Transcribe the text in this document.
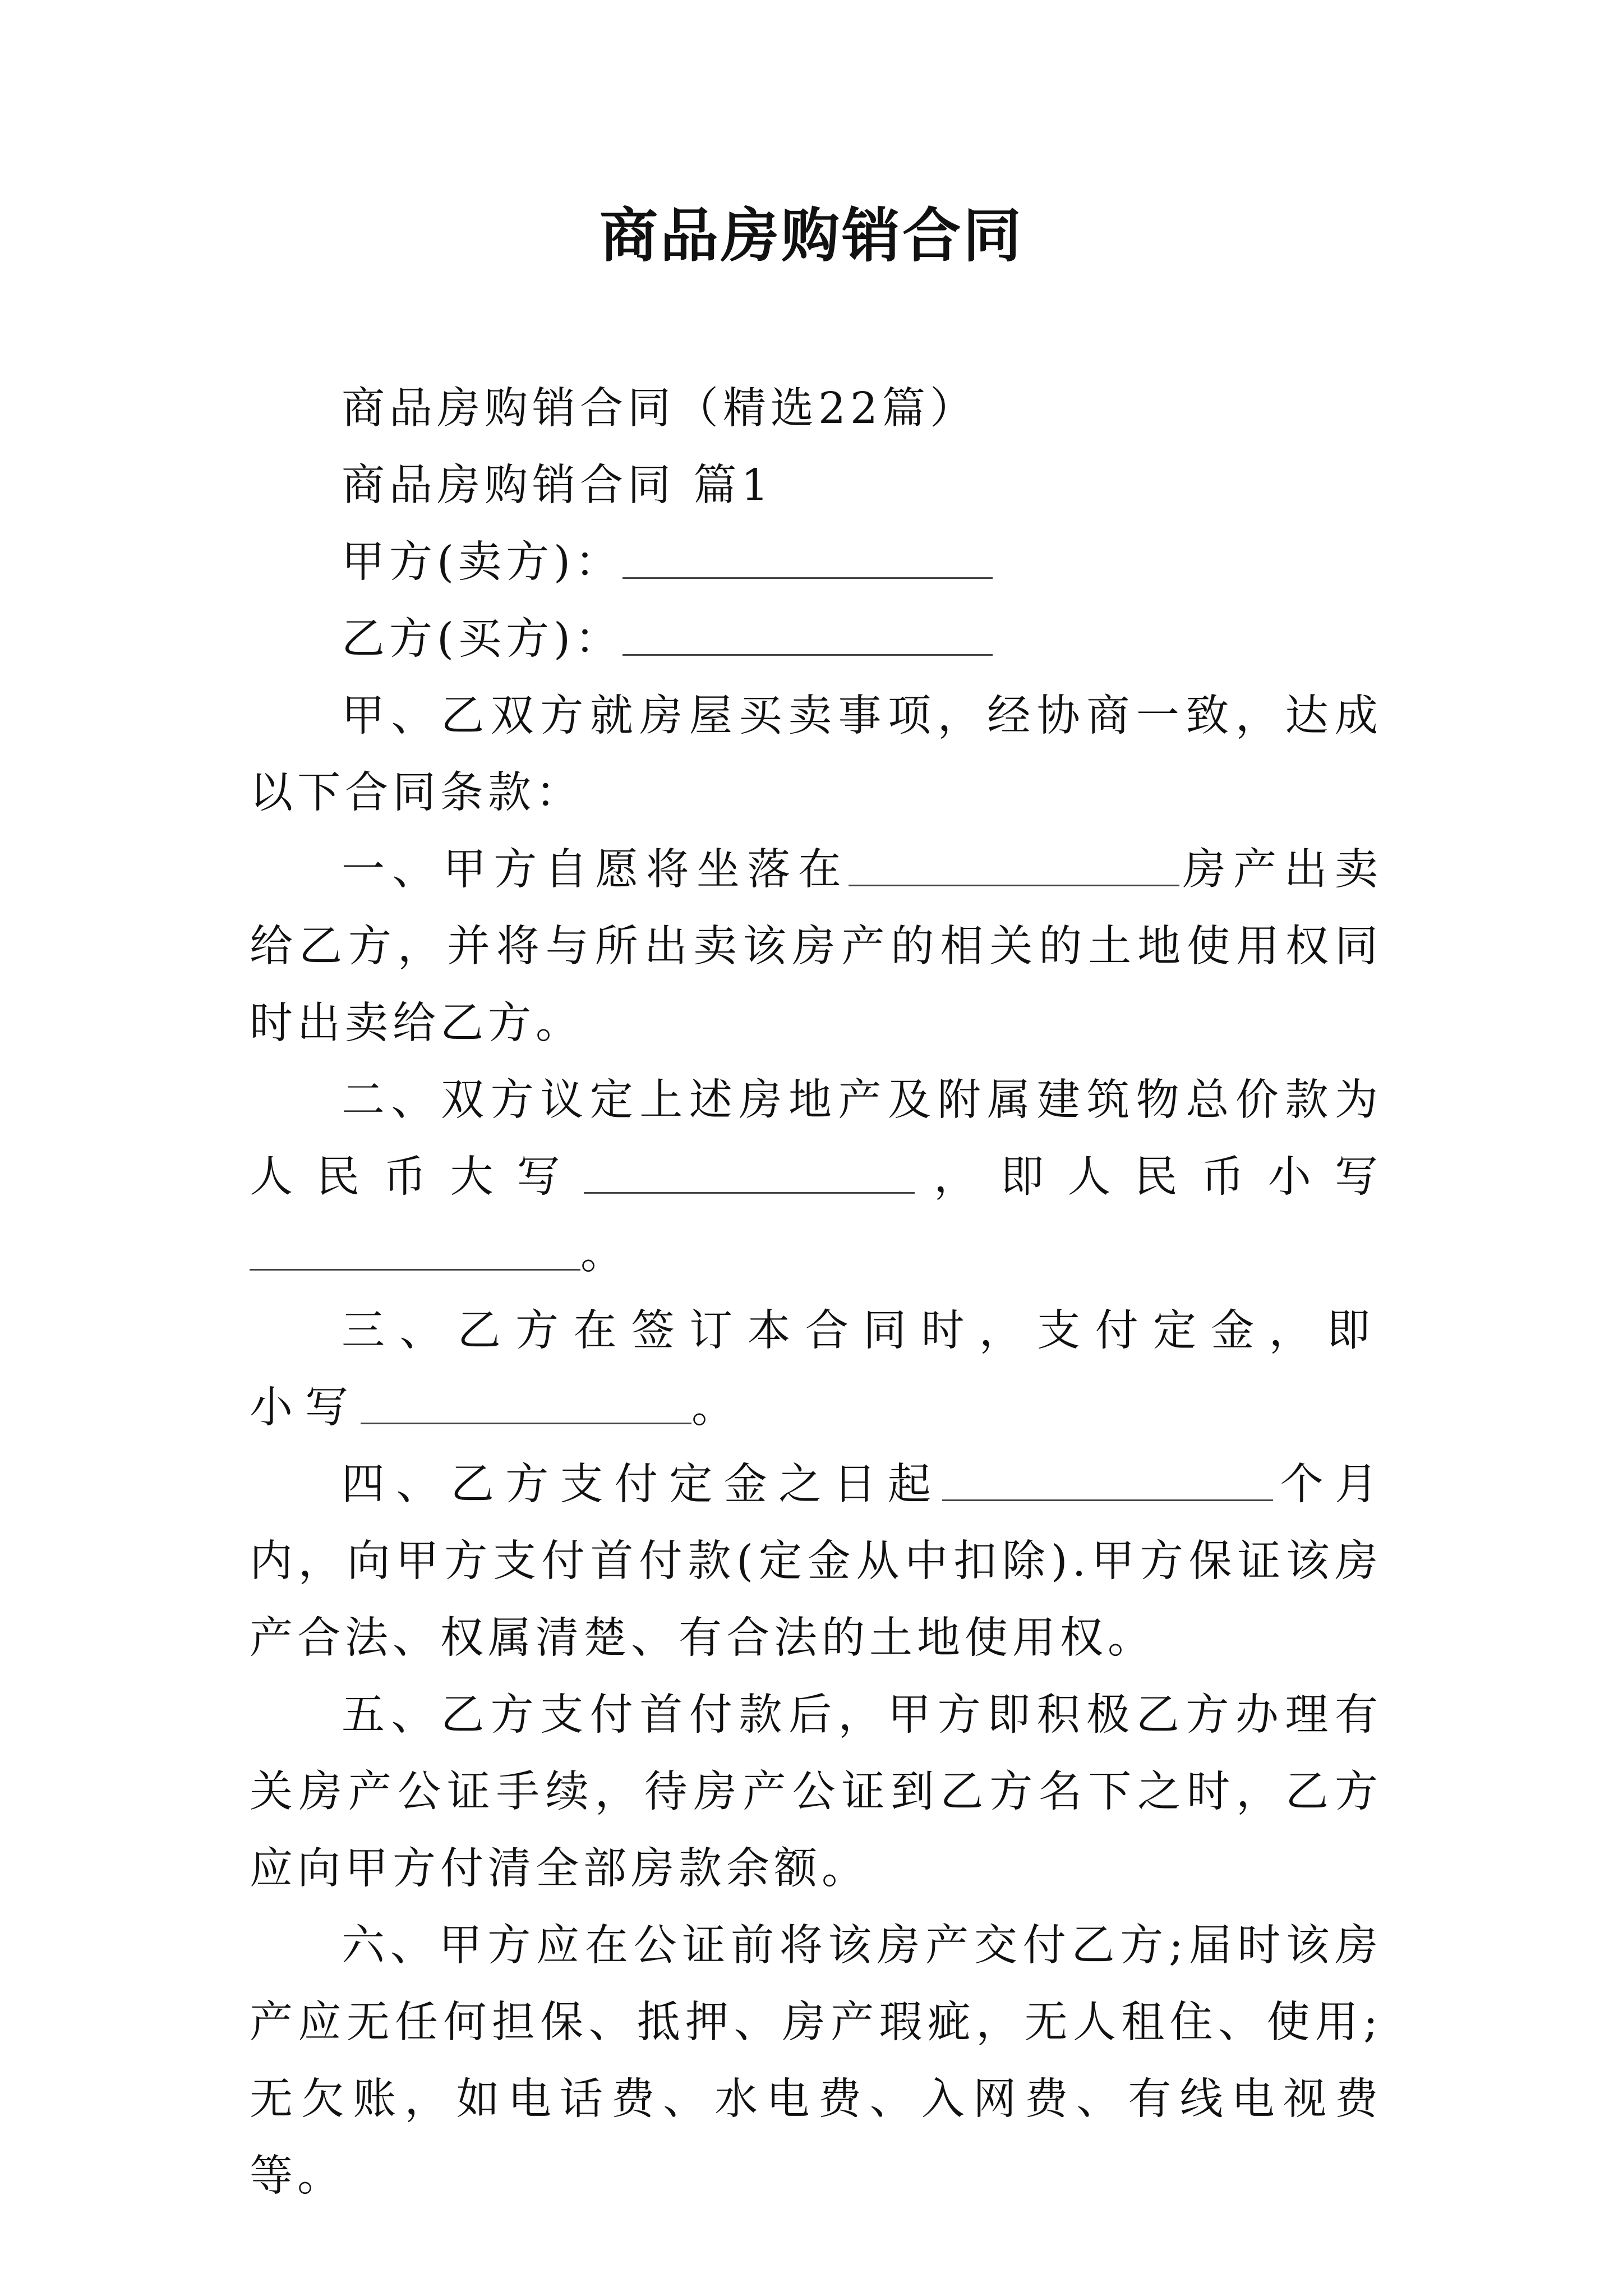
商品房购销合同

商品房购销合同（精选22篇）

商品房购销合同 篇1

甲方(卖方)：

乙方(买方)：

甲、乙双方就房屋买卖事项，经协商一致，达成以下合同条款：

一、甲方自愿将坐落在	房产出卖给乙方，并将与所出卖该房产的相关的土地使用权同时出卖给乙方。

二、双方议定上述房地产及附属建筑物总价款为人民币大写	，即人民币小写。

三、乙方在签订本合同时，支付定金，即小写	。

四、乙方支付定金之日起	个月内，向甲方支付首付款(定金从中扣除).甲方保证该房产合法、权属清楚、有合法的土地使用权。

五、乙方支付首付款后，甲方即积极乙方办理有关房产公证手续，待房产公证到乙方名下之时，乙方应向甲方付清全部房款余额。

六、甲方应在公证前将该房产交付乙方;届时该房产应无任何担保、抵押、房产瑕疵，无人租住、使用;无欠账，如电话费、水电费、入网费、有线电视费等。
